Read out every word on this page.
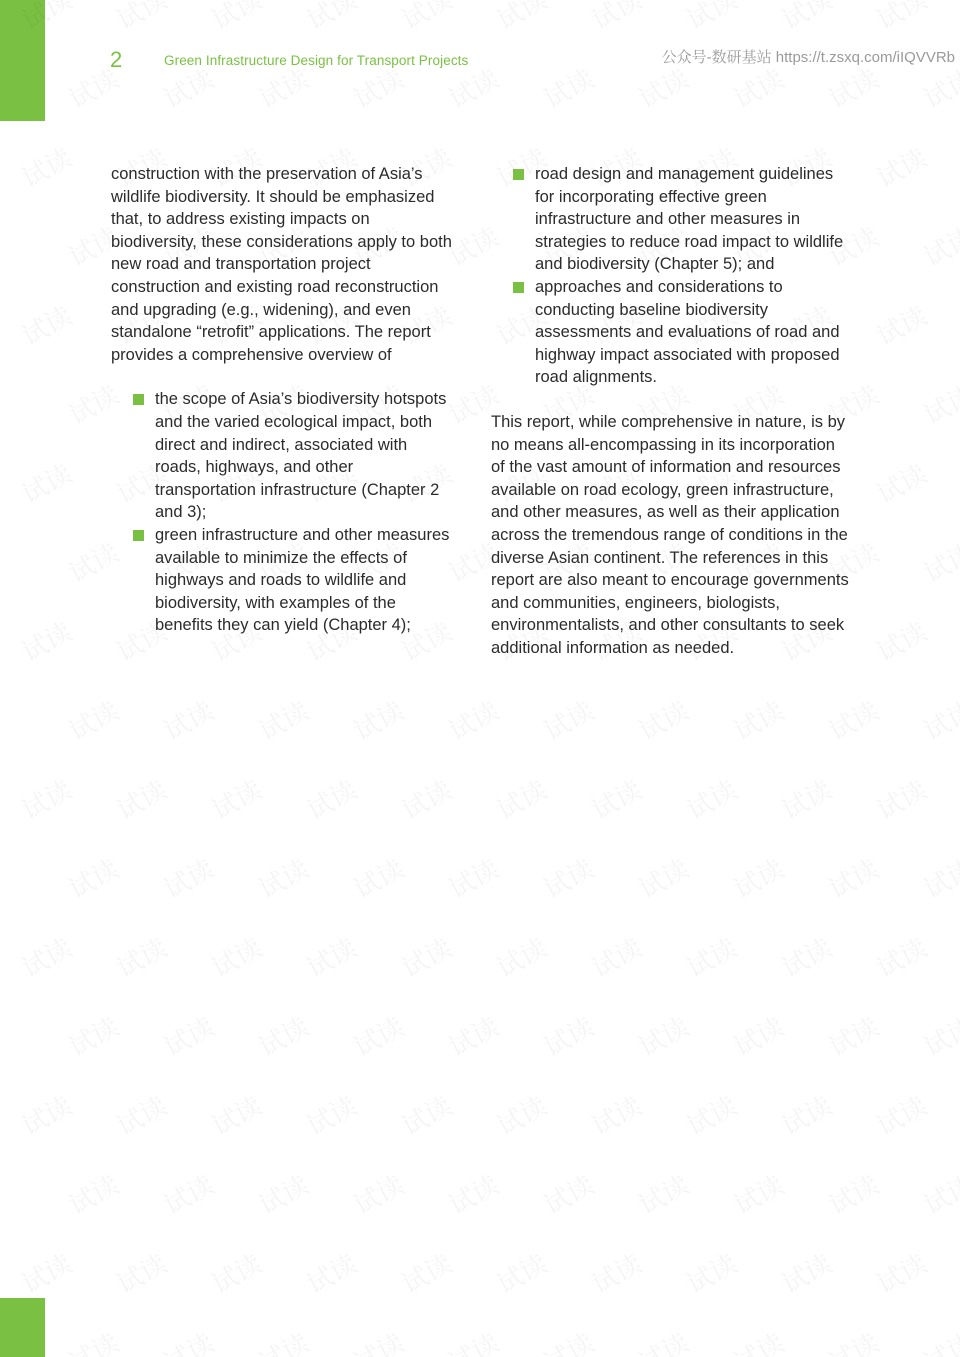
2	Green Infrastructure Design for Transport Projects	公众号-数研基站 https://t.zsxq.com/iIQVVRb

construction with the preservation of Asia’s wildlife biodiversity. It should be emphasized that, to address existing impacts on biodiversity, these considerations apply to both new road and transportation project construction and existing road reconstruction and upgrading (e.g., widening), and even standalone “retrofit” applications. The report provides a comprehensive overview of

the scope of Asia’s biodiversity hotspots and the varied ecological impact, both direct and indirect, associated with roads, highways, and other transportation infrastructure (Chapter 2 and 3);
green infrastructure and other measures available to minimize the effects of highways and roads to wildlife and biodiversity, with examples of the benefits they can yield (Chapter 4);
road design and management guidelines for incorporating effective green infrastructure and other measures in strategies to reduce road impact to wildlife and biodiversity (Chapter 5); and
approaches and considerations to conducting baseline biodiversity assessments and evaluations of road and highway impact associated with proposed road alignments.

This report, while comprehensive in nature, is by no means all-encompassing in its incorporation of the vast amount of information and resources available on road ecology, green infrastructure, and other measures, as well as their application across the tremendous range of conditions in the diverse Asian continent. The references in this report are also meant to encourage governments and communities, engineers, biologists, environmentalists, and other consultants to seek additional information as needed.
